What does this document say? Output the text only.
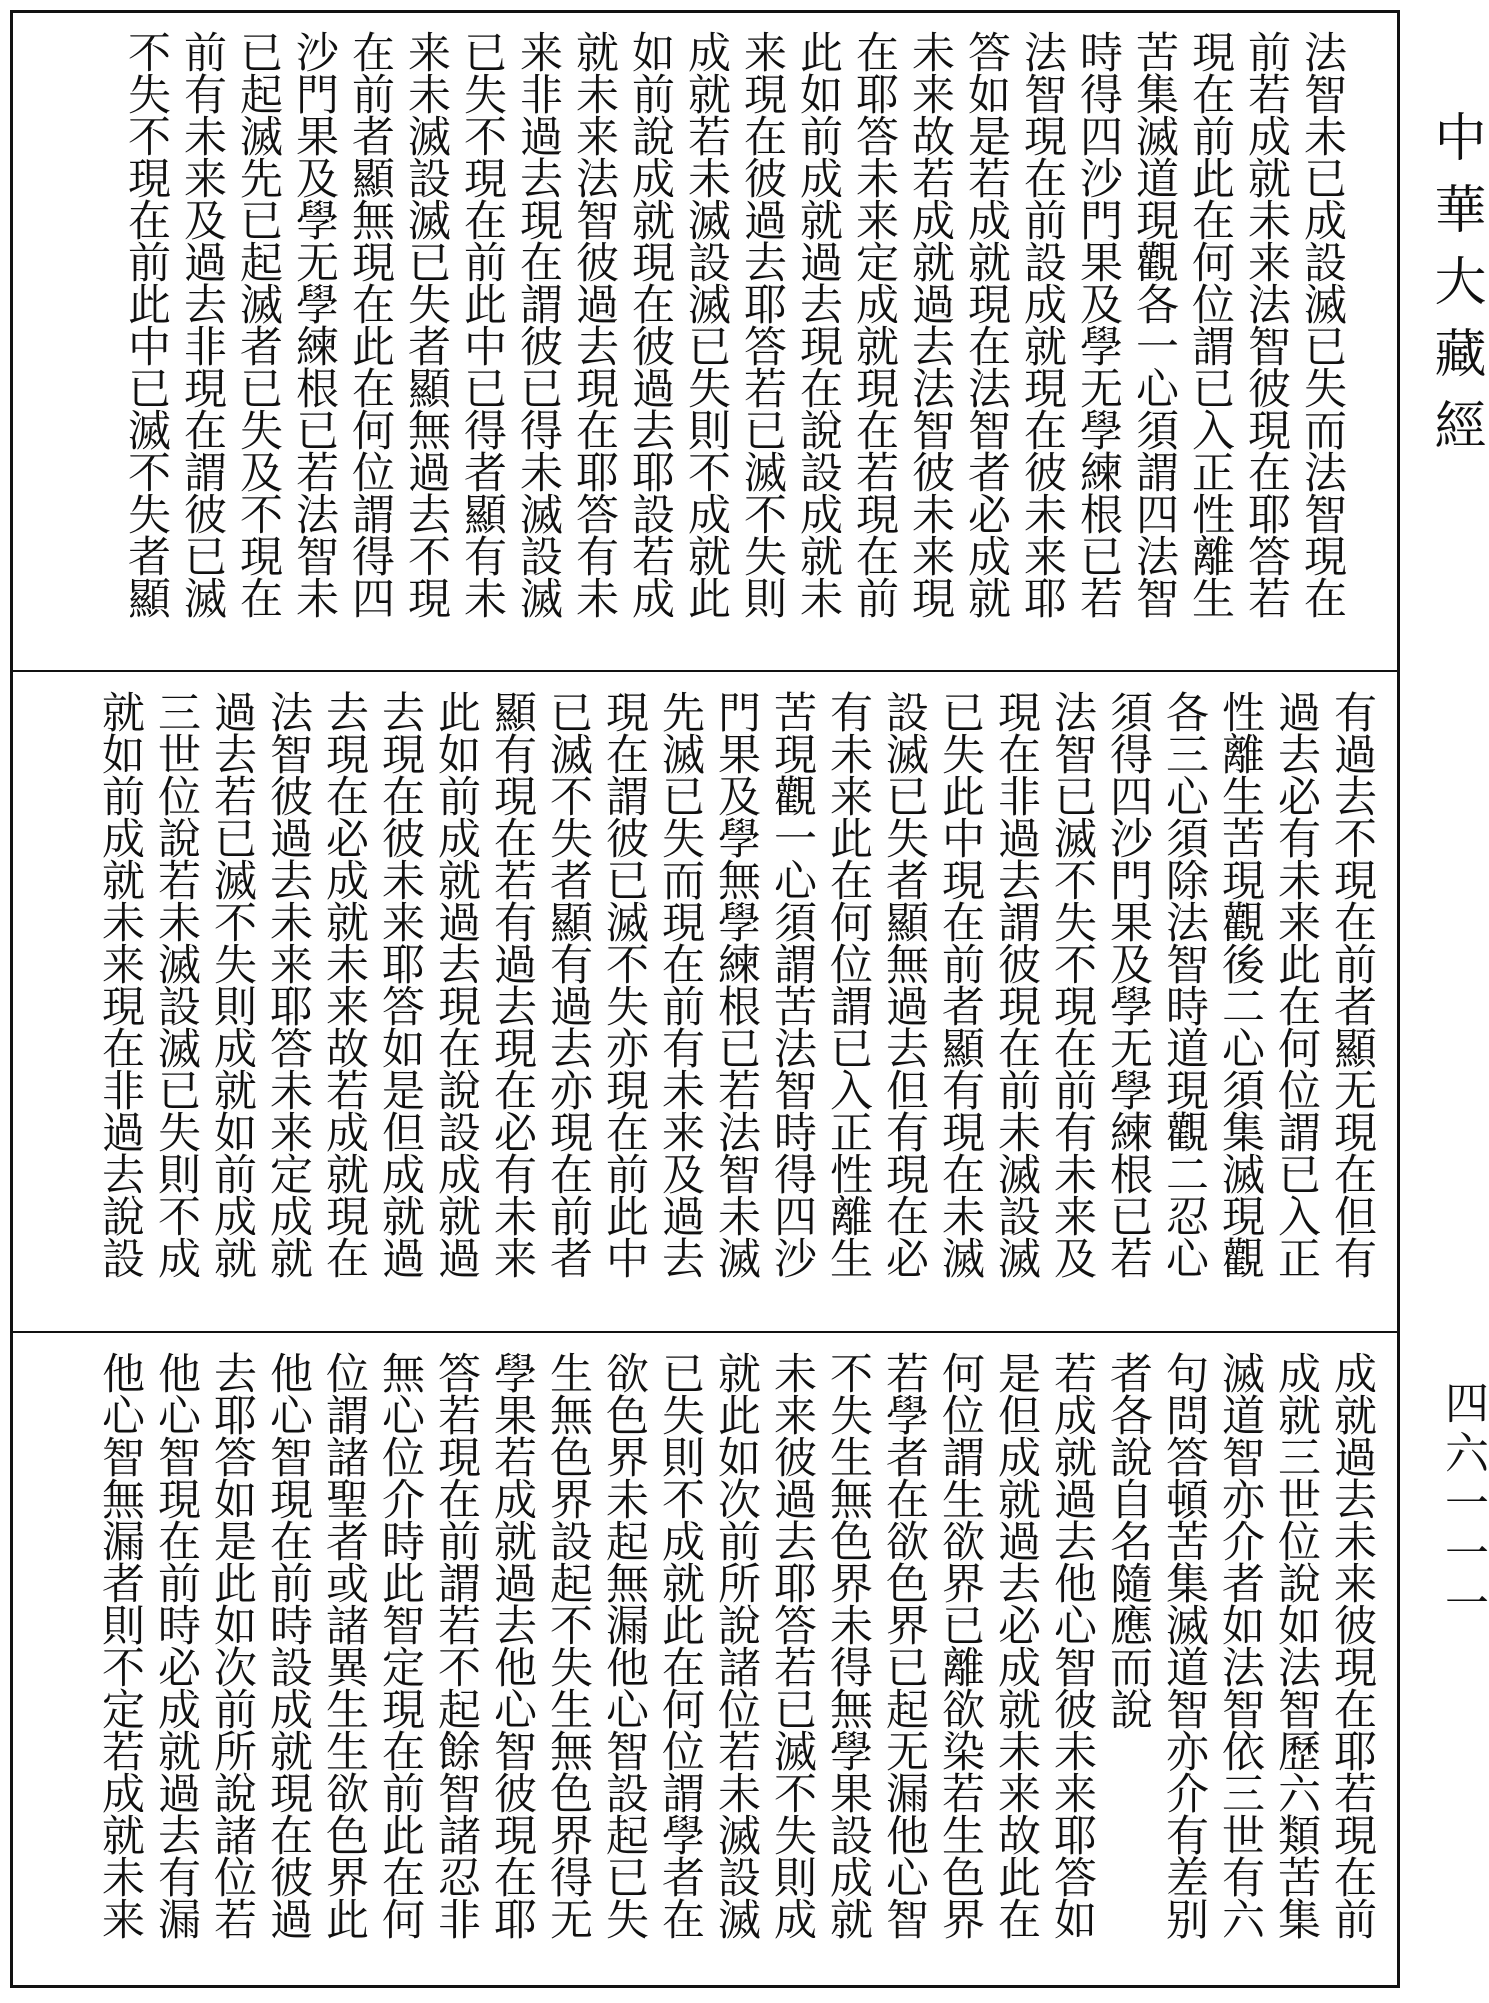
中華大藏經
四六一一一
法智未已成設滅已失而法智現在
前若成就未来法智彼現在耶答若
現在前此在何位謂已入正性離生
苦集滅道現觀各一心須謂四法智
時得四沙門果及學无學練根已若
法智現在前設成就現在彼未来耶
答如是若成就現在法智者必成就
未来故若成就過去法智彼未来現
在耶答未来定成就現在若現在前
此如前成就過去現在說設成就未
来現在彼過去耶答若已滅不失則
成就若未滅設滅已失則不成就此
如前說成就現在彼過去耶設若成
就未来法智彼過去現在耶答有未
来非過去現在謂彼已得未滅設滅
已失不現在前此中已得者顯有未
来未滅設滅已失者顯無過去不現
在前者顯無現在此在何位謂得四
沙門果及學无學練根已若法智未
已起滅先已起滅者已失及不現在
前有未来及過去非現在謂彼已滅
不失不現在前此中已滅不失者顯
有過去不現在前者顯无現在但有
過去必有未来此在何位謂已入正
性離生苦現觀後二心須集滅現觀
各三心須除法智時道現觀二忍心
須得四沙門果及學无學練根已若
法智已滅不失不現在前有未来及
現在非過去謂彼現在前未滅設滅
已失此中現在前者顯有現在未滅
設滅已失者顯無過去但有現在必
有未来此在何位謂已入正性離生
苦現觀一心須謂苦法智時得四沙
門果及學無學練根已若法智未滅
先滅已失而現在前有未来及過去
現在謂彼已滅不失亦現在前此中
已滅不失者顯有過去亦現在前者
顯有現在若有過去現在必有未来
此如前成就過去現在說設成就過
去現在彼未来耶答如是但成就過
去現在必成就未来故若成就現在
法智彼過去未来耶答未来定成就
過去若已滅不失則成就如前成就
三世位說若未滅設滅已失則不成
就如前成就未来現在非過去說設
成就過去未来彼現在耶若現在前
成就三世位說如法智歷六類苦集
滅道智亦介者如法智依三世有六
句問答頓苦集滅道智亦介有差别
者各說自名隨應而說
若成就過去他心智彼未来耶答如
是但成就過去必成就未来故此在
何位謂生欲界已離欲染若生色界
若學者在欲色界已起无漏他心智
不失生無色界未得無學果設成就
未来彼過去耶答若已滅不失則成
就此如次前所說諸位若未滅設滅
已失則不成就此在何位謂學者在
欲色界未起無漏他心智設起已失
生無色界設起不失生無色界得无
學果若成就過去他心智彼現在耶
答若現在前謂若不起餘智諸忍非
無心位介時此智定現在前此在何
位謂諸聖者或諸異生生欲色界此
他心智現在前時設成就現在彼過
去耶答如是此如次前所說諸位若
他心智現在前時必成就過去有漏
他心智無漏者則不定若成就未来
